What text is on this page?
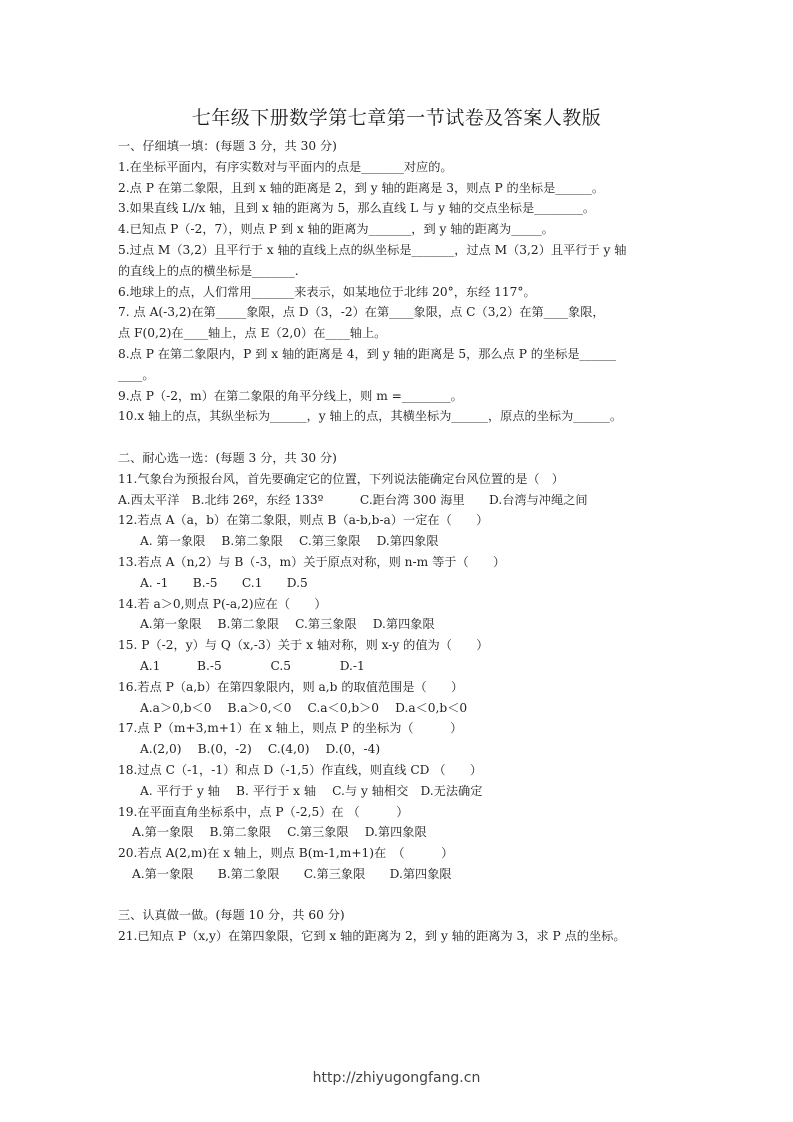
七年级下册数学第七章第一节试卷及答案人教版
一、仔细填一填：(每题 3 分，共 30 分)
1.在坐标平面内，有序实数对与平面内的点是_______对应的。
2.点 P 在第二象限，且到 x 轴的距离是 2，到 y 轴的距离是 3，则点 P 的坐标是______。
3.如果直线 L//x 轴，且到 x 轴的距离为 5，那么直线 L 与 y 轴的交点坐标是________。
4.已知点 P（-2，7），则点 P 到 x 轴的距离为_______，到 y 轴的距离为_____。
5.过点 M（3,2）且平行于 x 轴的直线上点的纵坐标是_______，过点 M（3,2）且平行于 y 轴
的直线上的点的横坐标是_______.
6.地球上的点，人们常用_______来表示，如某地位于北纬 20°，东经 117°。
7. 点 A(-3,2)在第_____象限，点 D（3，-2）在第____象限，点 C（3,2）在第____象限，
点 F(0,2)在____轴上，点 E（2,0）在____轴上。
8.点 P 在第二象限内，P 到 x 轴的距离是 4，到 y 轴的距离是 5，那么点 P 的坐标是______
____。
9.点 P（-2，m）在第二象限的角平分线上，则 m =________。
10.x 轴上的点，其纵坐标为______，y 轴上的点，其横坐标为______，原点的坐标为______。
二、耐心选一选：(每题 3 分，共 30 分)
11.气象台为预报台风，首先要确定它的位置，下列说法能确定台风位置的是（　）
A.西太平洋　B.北纬 26º，东经 133º　　　C.距台湾 300 海里　　D.台湾与冲绳之间
12.若点 A（a，b）在第二象限，则点 B（a-b,b-a）一定在（　　）
A. 第一象限　 B.第二象限　 C.第三象限　 D.第四象限
13.若点 A（n,2）与 B（-3，m）关于原点对称，则 n-m 等于（　　）
A. -1　　B.-5　　C.1　　D.5
14.若 a＞0,则点 P(-a,2)应在（　　）
A.第一象限　 B.第二象限　 C.第三象限　 D.第四象限
15. P（-2，y）与 Q（x,-3）关于 x 轴对称，则 x-y 的值为（　　）
A.1　　　B.-5　　　　C.5　　　　D.-1
16.若点 P（a,b）在第四象限内，则 a,b 的取值范围是（　　）
A.a＞0,b＜0　 B.a＞0,＜0　 C.a＜0,b＞0　 D.a＜0,b＜0
17.点 P（m+3,m+1）在 x 轴上，则点 P 的坐标为（　　　）
A.(2,0)　 B.(0，-2)　 C.(4,0)　 D.(0，-4)
18.过点 C（-1，-1）和点 D（-1,5）作直线，则直线 CD （　　）
A. 平行于 y 轴　 B. 平行于 x 轴　 C.与 y 轴相交　D.无法确定
19.在平面直角坐标系中，点 P（-2,5）在 （　　　）
A.第一象限　 B.第二象限　 C.第三象限　 D.第四象限
20.若点 A(2,m)在 x 轴上，则点 B(m-1,m+1)在　（　　　）
A.第一象限　　B.第二象限　　C.第三象限　　D.第四象限
三、认真做一做。(每题 10 分，共 60 分)
21.已知点 P（x,y）在第四象限，它到 x 轴的距离为 2，到 y 轴的距离为 3，求 P 点的坐标。
http://zhiyugongfang.cn
